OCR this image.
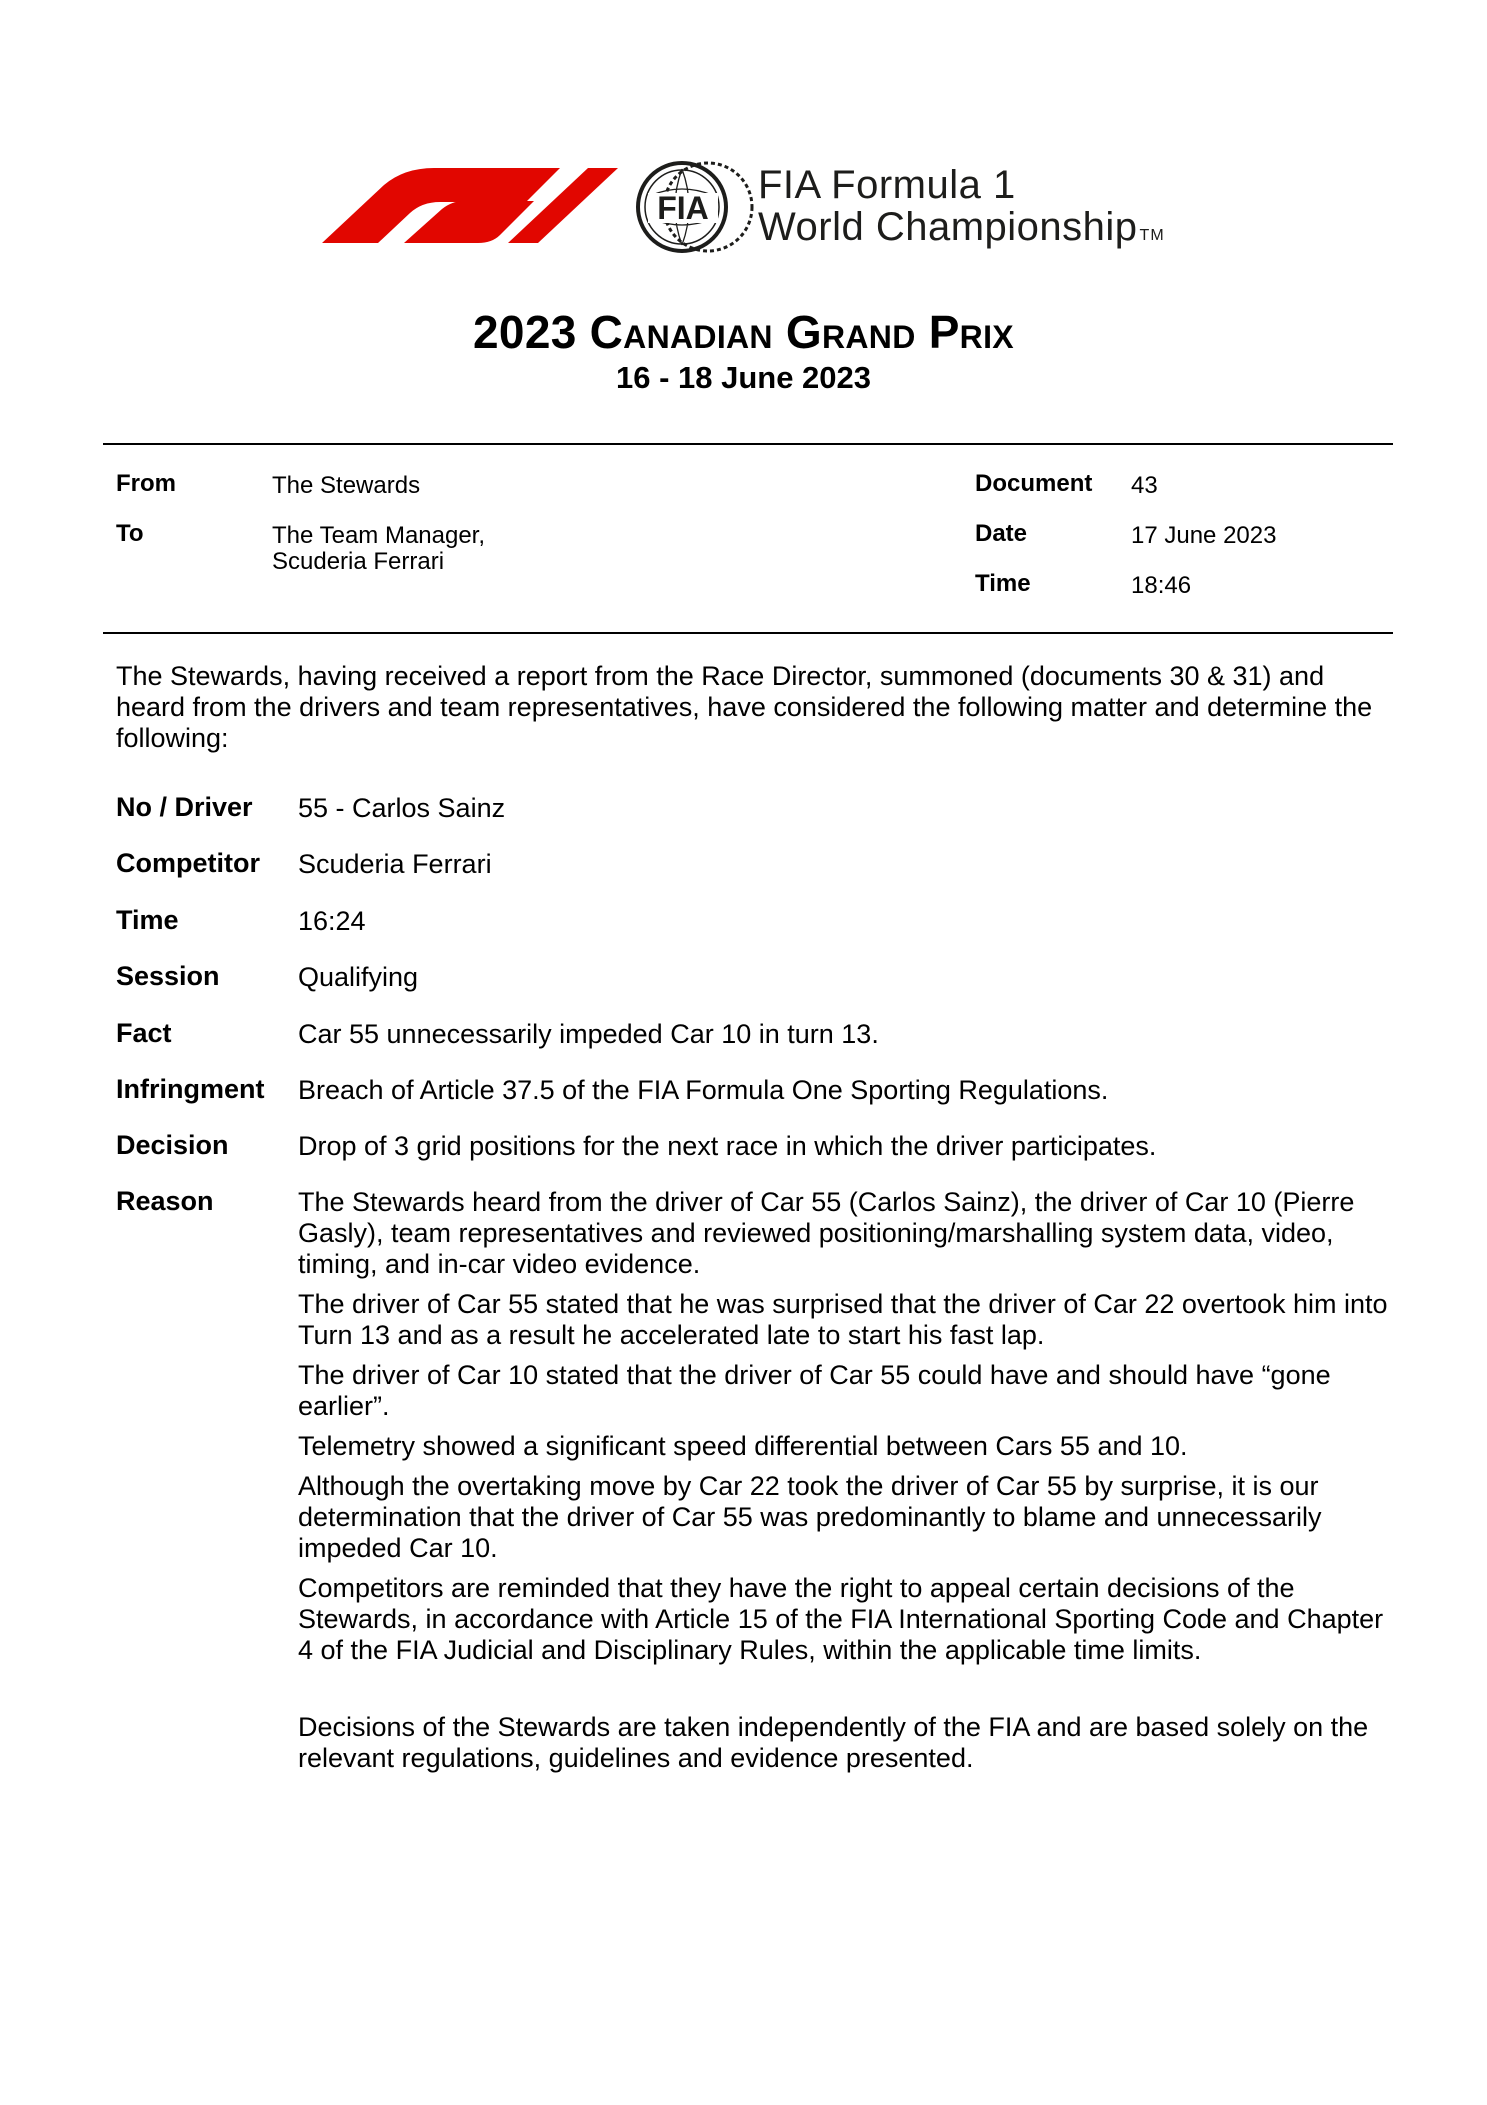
FIA
FIA Formula 1
World Championship TM
2023 Canadian Grand Prix
16 - 18 June 2023
From	The Stewards
To	The Team Manager,
Scuderia Ferrari
Document 43
Date	17 June 2023
Time	18:46
The Stewards, having received a report from the Race Director, summoned (documents 30 & 31) and heard from the drivers and team representatives, have considered the following matter and determine the following:
No / Driver 55 - Carlos Sainz
Competitor Scuderia Ferrari
Time	16:24
Session	Qualifying
Fact	Car 55 unnecessarily impeded Car 10 in turn 13.
Infringment Breach of Article 37.5 of the FIA Formula One Sporting Regulations.
Decision	Drop of 3 grid positions for the next race in which the driver participates.
Reason	The Stewards heard from the driver of Car 55 (Carlos Sainz), the driver of Car 10 (Pierre Gasly), team representatives and reviewed positioning/marshalling system data, video, timing, and in-car video evidence.

The driver of Car 55 stated that he was surprised that the driver of Car 22 overtook him into Turn 13 and as a result he accelerated late to start his fast lap.

The driver of Car 10 stated that the driver of Car 55 could have and should have “gone earlier”.

Telemetry showed a significant speed differential between Cars 55 and 10.

Although the overtaking move by Car 22 took the driver of Car 55 by surprise, it is our determination that the driver of Car 55 was predominantly to blame and unnecessarily impeded Car 10.

Competitors are reminded that they have the right to appeal certain decisions of the Stewards, in accordance with Article 15 of the FIA International Sporting Code and Chapter 4 of the FIA Judicial and Disciplinary Rules, within the applicable time limits.

Decisions of the Stewards are taken independently of the FIA and are based solely on the relevant regulations, guidelines and evidence presented.
